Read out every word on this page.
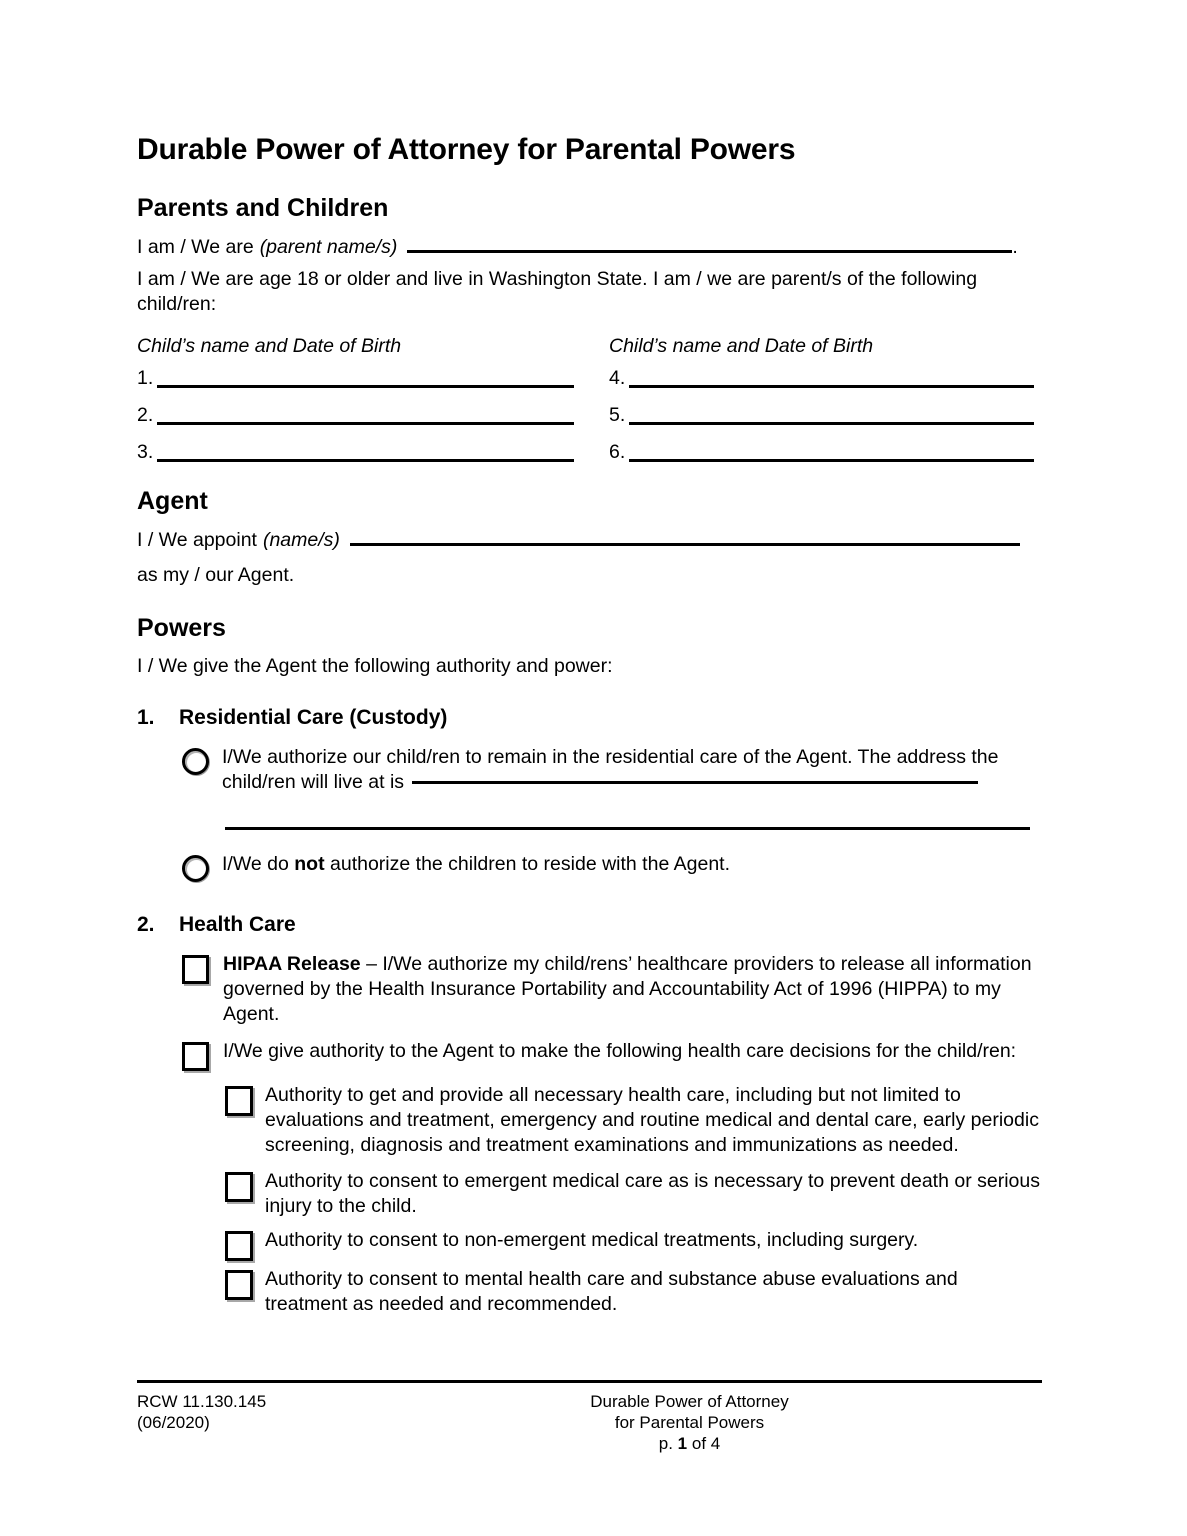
Durable Power of Attorney for Parental Powers
Parents and Children
I am / We are (parent name/s)	.

I am / We are age 18 or older and live in Washington State. I am / we are parent/s of the following child/ren:

Child’s name and Date of Birth	Child’s name and Date of Birth
1.	4.
2.	5.
3.	6.
Agent
I / We appoint (name/s)

as my / our Agent.

Powers

I / We give the Agent the following authority and power:

1.	Residential Care (Custody)
I/We authorize our child/ren to remain in the residential care of the Agent. The address the child/ren will live at is
I/We do not authorize the children to reside with the Agent.
2.	Health Care
HIPAA Release – I/We authorize my child/rens’ healthcare providers to release all information governed by the Health Insurance Portability and Accountability Act of 1996 (HIPPA) to my Agent.
I/We give authority to the Agent to make the following health care decisions for the child/ren:
Authority to get and provide all necessary health care, including but not limited to evaluations and treatment, emergency and routine medical and dental care, early periodic screening, diagnosis and treatment examinations and immunizations as needed.
Authority to consent to emergent medical care as is necessary to prevent death or serious injury to the child.
Authority to consent to non-emergent medical treatments, including surgery.
Authority to consent to mental health care and substance abuse evaluations and treatment as needed and recommended.
RCW 11.130.145
(06/2020)
Durable Power of Attorney
for Parental Powers
p. 1 of 4
